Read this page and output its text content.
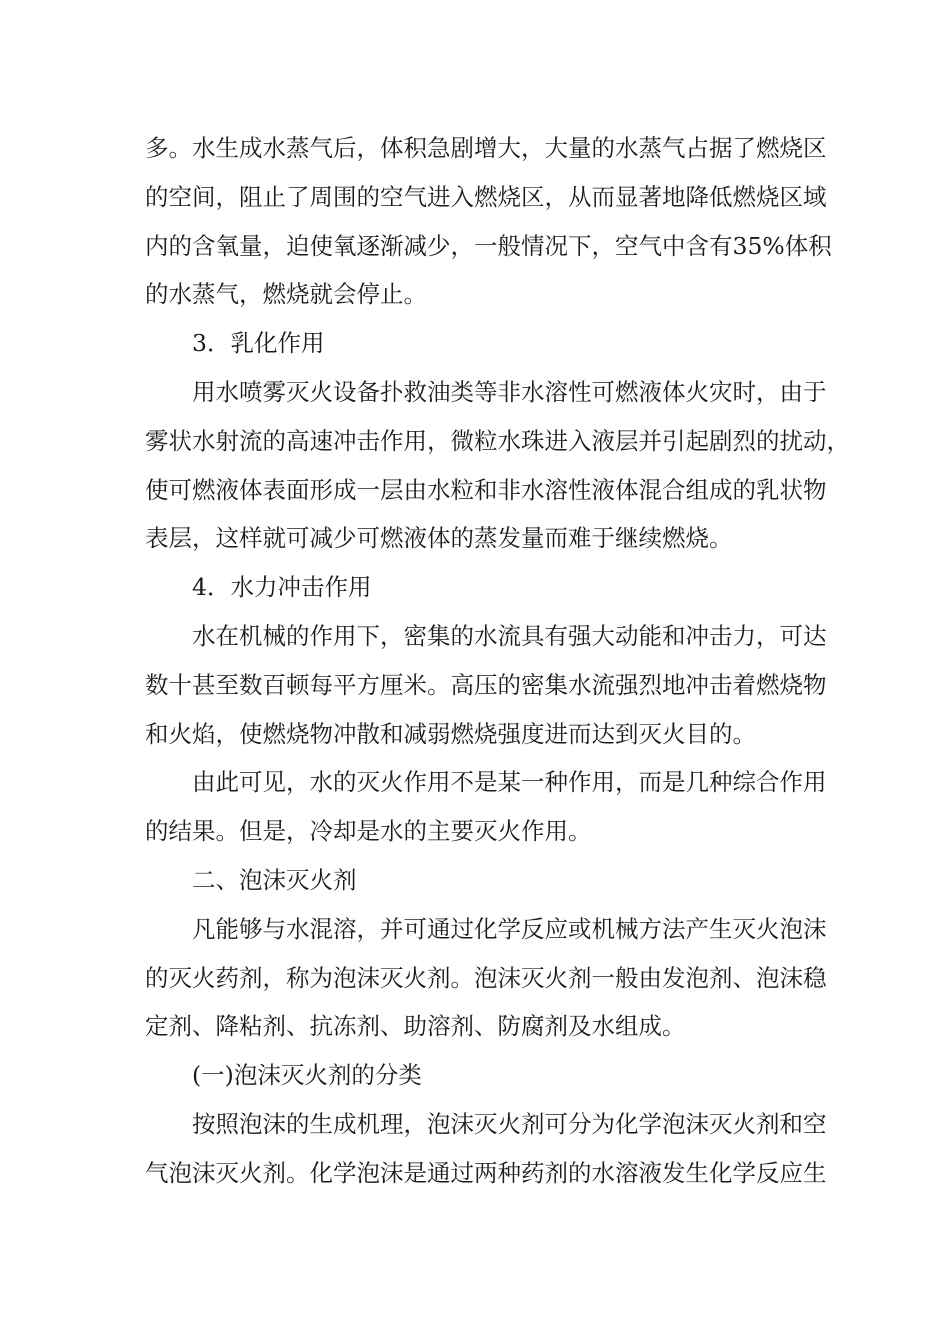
多。水生成水蒸气后，体积急剧增大，大量的水蒸气占据了燃烧区
的空间，阻止了周围的空气进入燃烧区，从而显著地降低燃烧区域
内的含氧量，迫使氧逐渐减少，一般情况下，空气中含有35%体积
的水蒸气，燃烧就会停止。
3．乳化作用
用水喷雾灭火设备扑救油类等非水溶性可燃液体火灾时，由于
雾状水射流的高速冲击作用，微粒水珠进入液层并引起剧烈的扰动，
使可燃液体表面形成一层由水粒和非水溶性液体混合组成的乳状物
表层，这样就可减少可燃液体的蒸发量而难于继续燃烧。
4．水力冲击作用
水在机械的作用下，密集的水流具有强大动能和冲击力，可达
数十甚至数百顿每平方厘米。高压的密集水流强烈地冲击着燃烧物
和火焰，使燃烧物冲散和减弱燃烧强度进而达到灭火目的。
由此可见，水的灭火作用不是某一种作用，而是几种综合作用
的结果。但是，冷却是水的主要灭火作用。
二、泡沫灭火剂
凡能够与水混溶，并可通过化学反应或机械方法产生灭火泡沫
的灭火药剂，称为泡沫灭火剂。泡沫灭火剂一般由发泡剂、泡沫稳
定剂、降粘剂、抗冻剂、助溶剂、防腐剂及水组成。
(一)泡沫灭火剂的分类
按照泡沫的生成机理，泡沫灭火剂可分为化学泡沫灭火剂和空
气泡沫灭火剂。化学泡沫是通过两种药剂的水溶液发生化学反应生
